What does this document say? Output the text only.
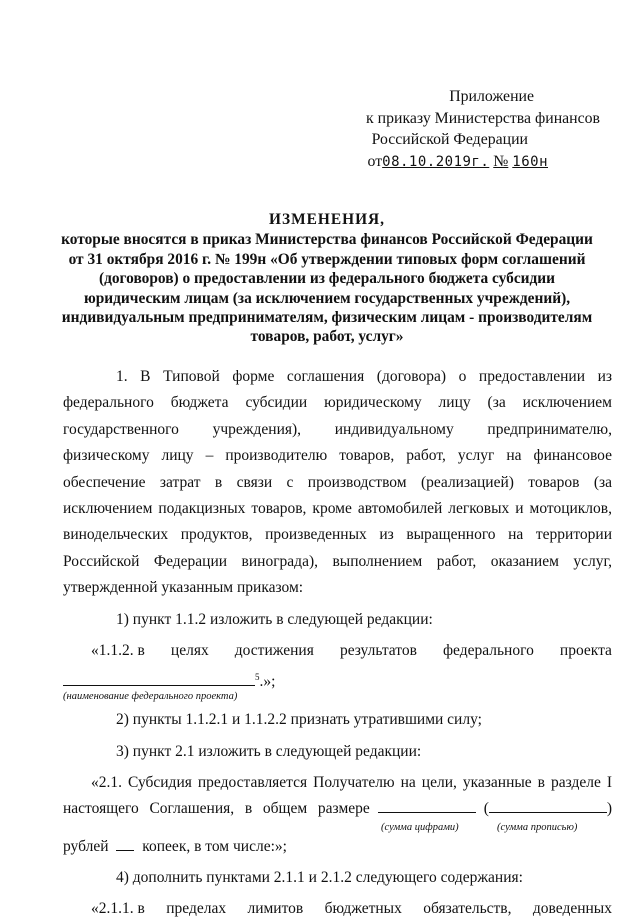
Приложение
к приказу Министерства финансов
Российской Федерации
от08.10.2019г. № 160н
ИЗМЕНЕНИЯ,
которые вносятся в приказ Министерства финансов Российской Федерации
от 31 октября 2016 г. № 199н «Об утверждении типовых форм соглашений
(договоров) о предоставлении из федерального бюджета субсидии
юридическим лицам (за исключением государственных учреждений),
индивидуальным предпринимателям, физическим лицам - производителям
товаров, работ, услуг»

1. В Типовой форме соглашения (договора) о предоставлении из федерального бюджета субсидии юридическому лицу (за исключением государственного учреждения), индивидуальному предпринимателю, физическому лицу – производителю товаров, работ, услуг на финансовое обеспечение затрат в связи с производством (реализацией) товаров (за исключением подакцизных товаров, кроме автомобилей легковых и мотоциклов, винодельческих продуктов, произведенных из выращенного на территории Российской Федерации винограда), выполнением работ, оказанием услуг, утвержденной указанным приказом:

1) пункт 1.1.2 изложить в следующей редакции:

«1.1.2. в целях достижения результатов федерального проекта
$^5$.»;
(наименование федерального проекта)

2) пункты 1.1.2.1 и 1.1.2.2 признать утратившими силу;

3) пункт 2.1 изложить в следующей редакции:

«2.1. Субсидия предоставляется Получателю на цели, указанные в разделе I
настоящего Соглашения, в общем размере	(	)
(сумма цифрами)	(сумма прописью)
рублей копеек, в том числе:»;

4) дополнить пунктами 2.1.1 и 2.1.2 следующего содержания:

«2.1.1. в пределах лимитов бюджетных обязательств, доведенных
